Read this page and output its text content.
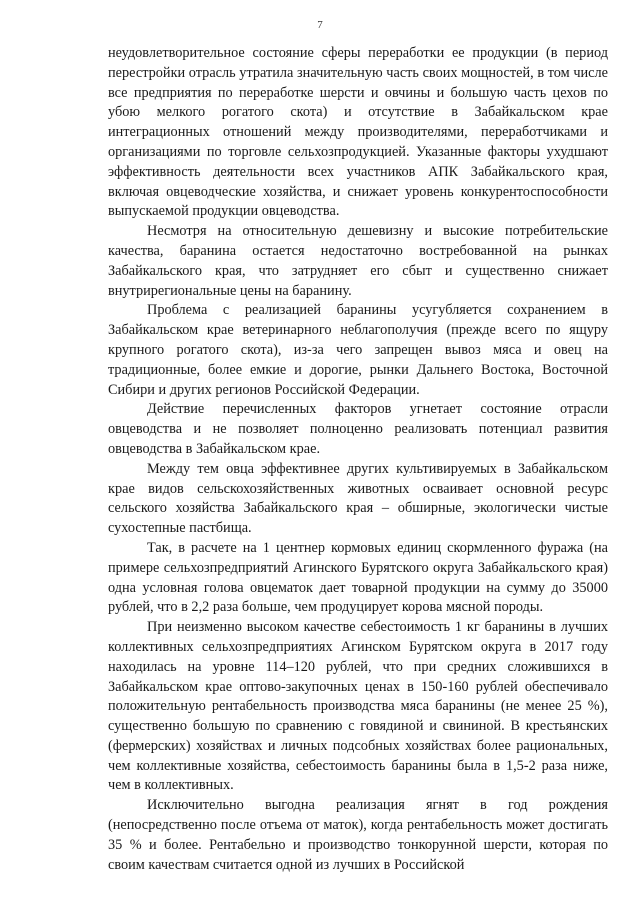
7

неудовлетворительное состояние сферы переработки ее продукции (в период перестройки отрасль утратила значительную часть своих мощностей, в том числе все предприятия по переработке шерсти и овчины и большую часть цехов по убою мелкого рогатого скота) и отсутствие в Забайкальском крае интеграционных отношений между производителями, переработчиками и организациями по торговле сельхозпродукцией. Указанные факторы ухудшают эффективность деятельности всех участников АПК Забайкальского края, включая овцеводческие хозяйства, и снижает уровень конкурентоспособности выпускаемой продукции овцеводства.

Несмотря на относительную дешевизну и высокие потребительские качества, баранина остается недостаточно востребованной на рынках Забайкальского края, что затрудняет его сбыт и существенно снижает внутрирегиональные цены на баранину.

Проблема с реализацией баранины усугубляется сохранением в Забайкальском крае ветеринарного неблагополучия (прежде всего по ящуру крупного рогатого скота), из-за чего запрещен вывоз мяса и овец на традиционные, более емкие и дорогие, рынки Дальнего Востока, Восточной Сибири и других регионов Российской Федерации.

Действие перечисленных факторов угнетает состояние отрасли овцеводства и не позволяет полноценно реализовать потенциал развития овцеводства в Забайкальском крае.

Между тем овца эффективнее других культивируемых в Забайкальском крае видов сельскохозяйственных животных осваивает основной ресурс сельского хозяйства Забайкальского края – обширные, экологически чистые сухостепные пастбища.

Так, в расчете на 1 центнер кормовых единиц скормленного фуража (на примере сельхозпредприятий Агинского Бурятского округа Забайкальского края) одна условная голова овцематок дает товарной продукции на сумму до 35000 рублей, что в 2,2 раза больше, чем продуцирует корова мясной породы.

При неизменно высоком качестве себестоимость 1 кг баранины в лучших коллективных сельхозпредприятиях Агинском Бурятском округа в 2017 году находилась на уровне 114–120 рублей, что при средних сложившихся в Забайкальском крае оптово-закупочных ценах в 150-160 рублей обеспечивало положительную рентабельность производства мяса баранины (не менее 25 %), существенно большую по сравнению с говядиной и свининой. В крестьянских (фермерских) хозяйствах и личных подсобных хозяйствах более рациональных, чем коллективные хозяйства, себестоимость баранины была в 1,5-2 раза ниже, чем в коллективных.

Исключительно выгодна реализация ягнят в год рождения (непосредственно после отъема от маток), когда рентабельность может достигать 35 % и более. Рентабельно и производство тонкорунной шерсти, которая по своим качествам считается одной из лучших в Российской
